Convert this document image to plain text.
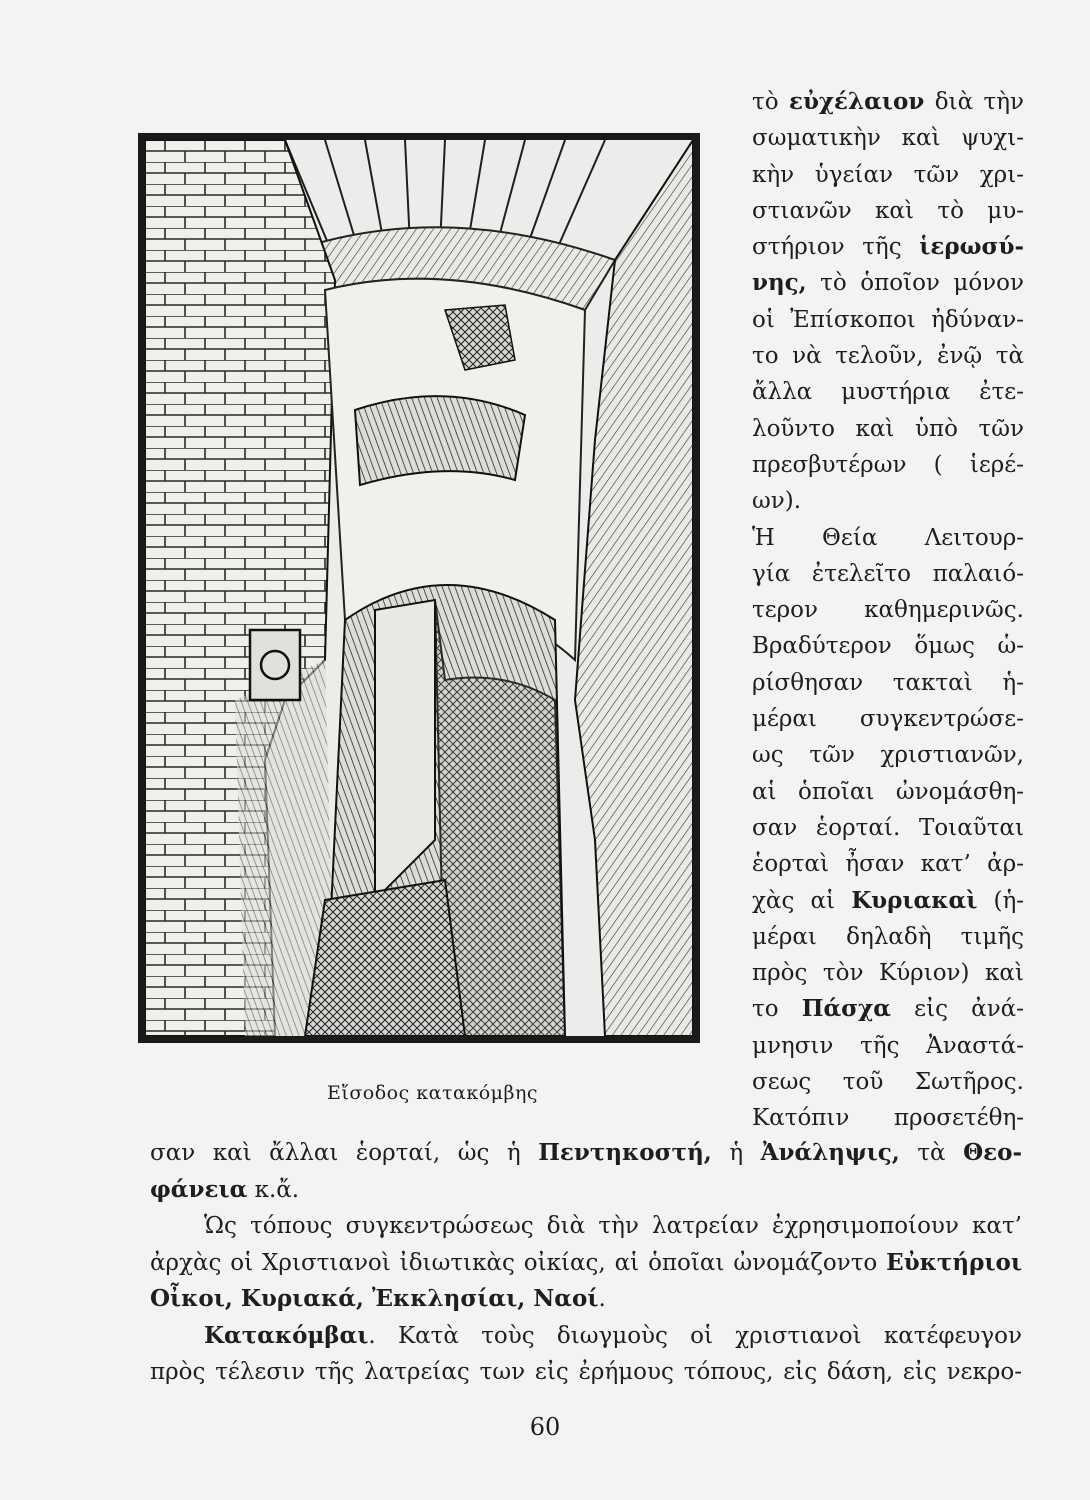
Εἴσοδος κατακόμβης
τὸ εὐχέλαιον διὰ τὴν
σωματικὴν καὶ ψυχι-
κὴν ὑγείαν τῶν χρι-
στιανῶν καὶ τὸ μυ-
στήριον τῆς ἱερωσύ-
νης, τὸ ὁποῖον μόνον
οἱ Ἐπίσκοποι ἠδύναν-
το νὰ τελοῦν, ἐνῷ τὰ
ἄλλα μυστήρια ἐτε-
λοῦντο καὶ ὑπὸ τῶν
πρεσβυτέρων ( ἱερέ-
ων).
Ἡ Θεία Λειτουρ-
γία ἐτελεῖτο παλαιό-
τερον καθημερινῶς.
Βραδύτερον ὅμως ὡ-
ρίσθησαν τακταὶ ἡ-
μέραι συγκεντρώσε-
ως τῶν χριστιανῶν,
αἱ ὁποῖαι ὠνομάσθη-
σαν ἑορταί. Τοιαῦται
ἑορταὶ ἦσαν κατ’ ἀρ-
χὰς αἱ Κυριακαὶ (ἡ-
μέραι δηλαδὴ τιμῆς
πρὸς τὸν Κύριον) καὶ
το Πάσχα εἰς ἀνά-
μνησιν τῆς Ἀναστά-
σεως τοῦ Σωτῆρος.
Κατόπιν προσετέθη-
σαν καὶ ἄλλαι ἑορταί, ὡς ἡ Πεντηκοστή, ἡ Ἀνάληψις, τὰ Θεο-
φάνεια κ.ἄ.
Ὡς τόπους συγκεντρώσεως διὰ τὴν λατρείαν ἐχρησιμοποίουν κατ’
ἀρχὰς οἱ Χριστιανοὶ ἰδιωτικὰς οἰκίας, αἱ ὁποῖαι ὠνομάζοντο Εὐκτήριοι
Οἶκοι, Κυριακά, Ἐκκλησίαι, Ναοί.
Κατακόμβαι. Κατὰ τοὺς διωγμοὺς οἱ χριστιανοὶ κατέφευγον
πρὸς τέλεσιν τῆς λατρείας των εἰς ἐρήμους τόπους, εἰς δάση, εἰς νεκρο-
60
